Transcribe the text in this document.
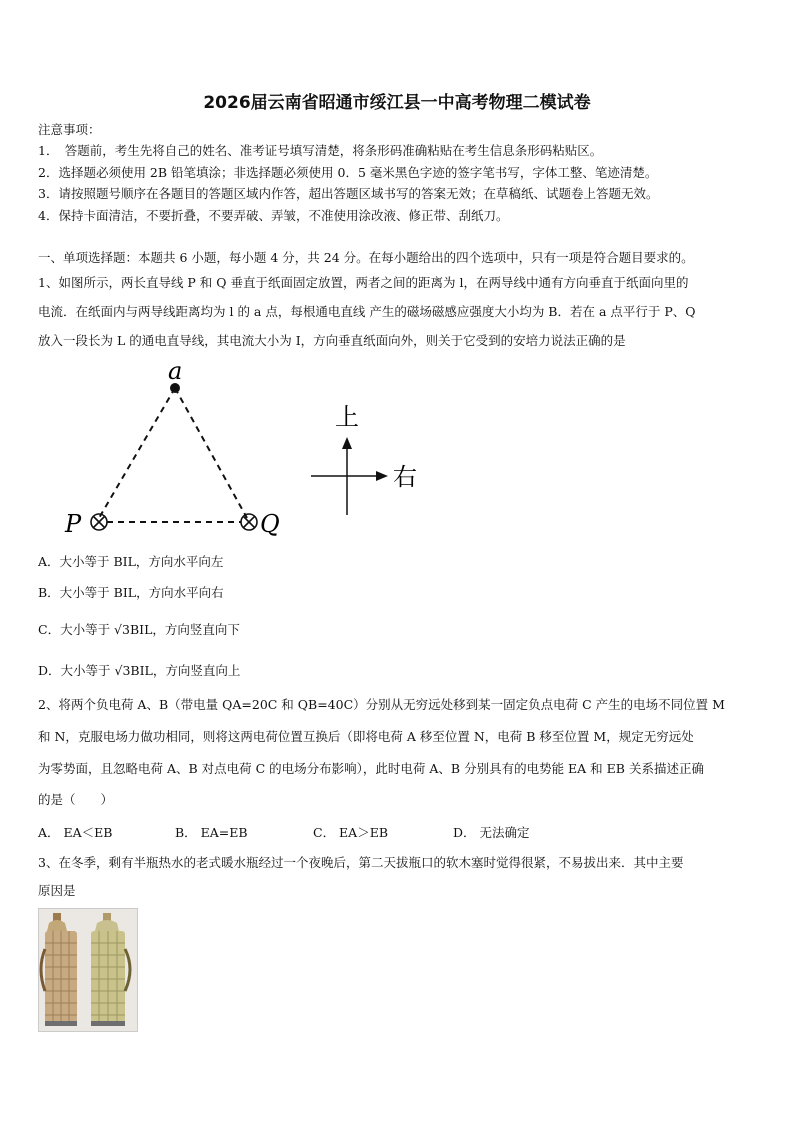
2026届云南省昭通市绥江县一中高考物理二模试卷
注意事项：
1．　答题前，考生先将自己的姓名、准考证号填写清楚，将条形码准确粘贴在考生信息条形码粘贴区。
2．选择题必须使用 2B 铅笔填涂；非选择题必须使用 0．5 毫米黑色字迹的签字笔书写，字体工整、笔迹清楚。
3．请按照题号顺序在各题目的答题区域内作答，超出答题区域书写的答案无效；在草稿纸、试题卷上答题无效。
4．保持卡面清洁，不要折叠，不要弄破、弄皱，不准使用涂改液、修正带、刮纸刀。
一、单项选择题：本题共 6 小题，每小题 4 分，共 24 分。在每小题给出的四个选项中，只有一项是符合题目要求的。
1、如图所示，两长直导线 P 和 Q 垂直于纸面固定放置，两者之间的距离为 l，在两导线中通有方向垂直于纸面向里的
电流．在纸面内与两导线距离均为 l 的 a 点，每根通电直线 产生的磁场磁感应强度大小均为 B．若在 a 点平行于 P、Q
放入一段长为 L 的通电直导线，其电流大小为 I，方向垂直纸面向外，则关于它受到的安培力说法正确的是
a
P	Q
上
右
A．大小等于 BIL，方向水平向左
B．大小等于 BIL，方向水平向右
C．大小等于 √3BIL，方向竖直向下
D．大小等于 √3BIL，方向竖直向上
2、将两个负电荷 A、B（带电量 QA=20C 和 QB=40C）分别从无穷远处移到某一固定负点电荷 C 产生的电场不同位置 M
和 N，克服电场力做功相同，则将这两电荷位置互换后（即将电荷 A 移至位置 N，电荷 B 移至位置 M，规定无穷远处
为零势面，且忽略电荷 A、B 对点电荷 C 的电场分布影响），此时电荷 A、B 分别具有的电势能 EA 和 EB 关系描述正确
的是（　　）
A． EA＜EB	B． EA=EB	C． EA＞EB	D． 无法确定
3、在冬季，剩有半瓶热水的老式暖水瓶经过一个夜晚后，第二天拔瓶口的软木塞时觉得很紧，不易拔出来．其中主要
原因是
